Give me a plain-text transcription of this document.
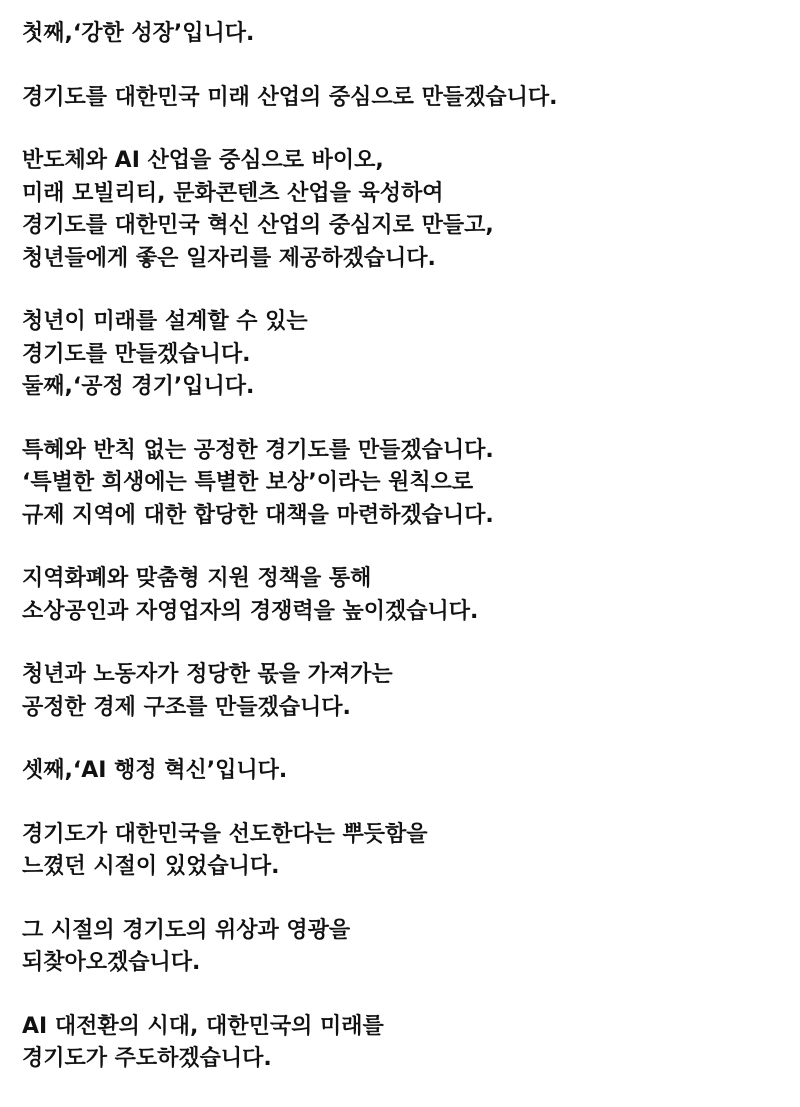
첫째,‘강한 성장’입니다.
경기도를 대한민국 미래 산업의 중심으로 만들겠습니다.
반도체와 AI 산업을 중심으로 바이오,
미래 모빌리티, 문화콘텐츠 산업을 육성하여
경기도를 대한민국 혁신 산업의 중심지로 만들고,
청년들에게 좋은 일자리를 제공하겠습니다.
청년이 미래를 설계할 수 있는
경기도를 만들겠습니다.
둘째,‘공정 경기’입니다.
특혜와 반칙 없는 공정한 경기도를 만들겠습니다.
‘특별한 희생에는 특별한 보상’이라는 원칙으로
규제 지역에 대한 합당한 대책을 마련하겠습니다.
지역화폐와 맞춤형 지원 정책을 통해
소상공인과 자영업자의 경쟁력을 높이겠습니다.
청년과 노동자가 정당한 몫을 가져가는
공정한 경제 구조를 만들겠습니다.
셋째,‘AI 행정 혁신’입니다.
경기도가 대한민국을 선도한다는 뿌듯함을
느꼈던 시절이 있었습니다.
그 시절의 경기도의 위상과 영광을
되찾아오겠습니다.
AI 대전환의 시대, 대한민국의 미래를
경기도가 주도하겠습니다.
